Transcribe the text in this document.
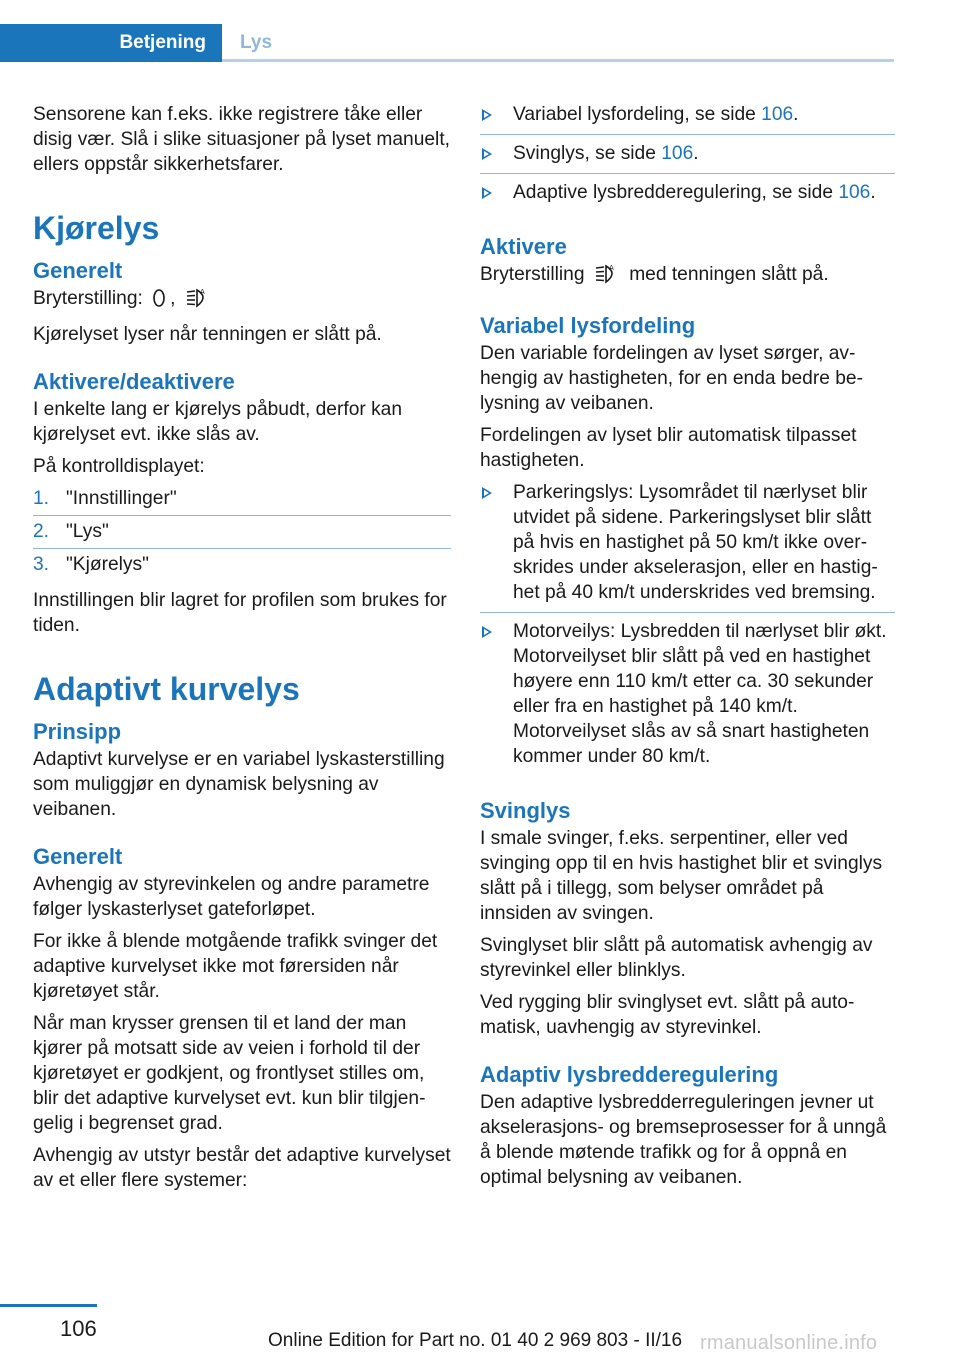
Betjening	Lys

Sensorene kan f.eks. ikke registrere tåke eller disig vær. Slå i slike situasjoner på lyset manuelt, ellers oppstår sikkerhetsfarer.

Kjørelys
Generelt

Bryterstilling: ,	A

Kjørelyset lyser når tenningen er slått på.

Aktivere/deaktivere

I enkelte lang er kjørelys påbudt, derfor kan kjørelyset evt. ikke slås av.

På kontrolldisplayet:

1. "Innstillinger"
2. "Lys"
3. "Kjørelys"

Innstillingen blir lagret for profilen som brukes for tiden.

Adaptivt kurvelys
Prinsipp

Adaptivt kurvelyse er en variabel lyskasterstilling som muliggjør en dynamisk belysning av veibanen.

Generelt

Avhengig av styrevinkelen og andre parametre følger lyskasterlyset gateforløpet.

For ikke å blende motgående trafikk svinger det adaptive kurvelyset ikke mot førersiden når kjøretøyet står.

Når man krysser grensen til et land der man kjører på motsatt side av veien i forhold til der kjøretøyet er godkjent, og frontlyset stilles om, blir det adaptive kurvelyset evt. kun blir tilgjengelig i begrenset grad.

Avhengig av utstyr består det adaptive kurvelyset av et eller flere systemer:

Variabel lysfordeling, se side 106.
Svinglys, se side 106.
Adaptive lysbredderegulering, se side 106.
Aktivere

Bryterstilling	A med tenningen slått på.

Variabel lysfordeling

Den variable fordelingen av lyset sørger, avhengig av hastigheten, for en enda bedre belysning av veibanen.

Fordelingen av lyset blir automatisk tilpasset hastigheten.

Parkeringslys: Lysområdet til nærlyset blir utvidet på sidene. Parkeringslyset blir slått på hvis en hastighet på 50 km/t ikke overskrides under akselerasjon, eller en hastighet på 40 km/t underskrides ved bremsing.
Motorveilys: Lysbredden til nærlyset blir økt. Motorveilyset blir slått på ved en hastighet høyere enn 110 km/t etter ca. 30 sekunder eller fra en hastighet på 140 km/t. Motorveilyset slås av så snart hastigheten kommer under 80 km/t.
Svinglys

I smale svinger, f.eks. serpentiner, eller ved svinging opp til en hvis hastighet blir et svinglys slått på i tillegg, som belyser området på innsiden av svingen.

Svinglyset blir slått på automatisk avhengig av styrevinkel eller blinklys.

Ved rygging blir svinglyset evt. slått på automatisk, uavhengig av styrevinkel.

Adaptiv lysbredderegulering

Den adaptive lysbredderreguleringen jevner ut akselerasjons- og bremseprosesser for å unngå å blende møtende trafikk og for å oppnå en optimal belysning av veibanen.

106	Online Edition for Part no. 01 40 2 969 803 - II/16 rmanualsonline.info
